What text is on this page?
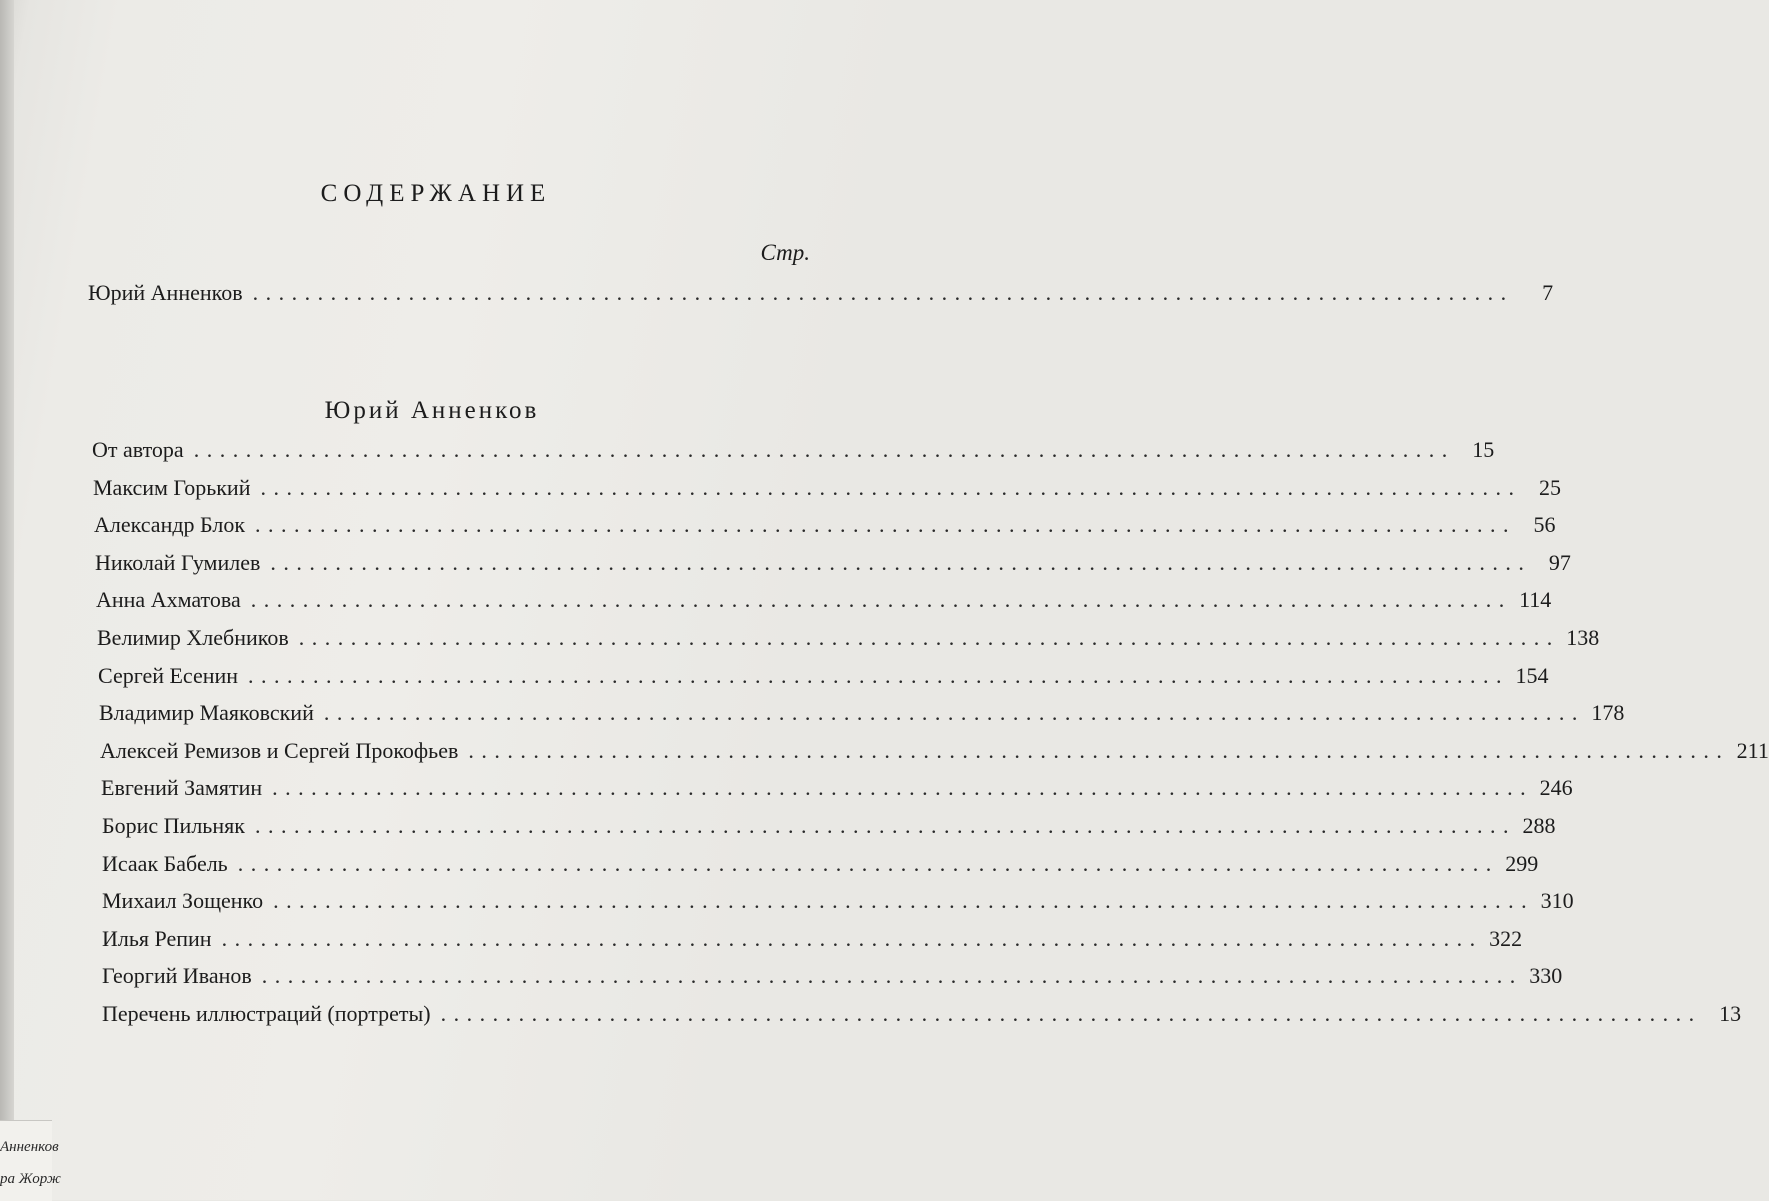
СОДЕРЖАНИЕ
Стр.
Юрий Анненков . . .	7
Юрий Анненков
От автора . . .	15
Максим Горький . . .	25
Александр Блок . . .	56
Николай Гумилев . . .	97
Анна Ахматова . . .	114
Велимир Хлебников . . .	138
Сергей Есенин . . .	154
Владимир Маяковский . . .	178
Алексей Ремизов и Сергей Прокофьев . . .	211
Евгений Замятин . . .	246
Борис Пильняк . . .	288
Исаак Бабель . . .	299
Михаил Зощенко . . .	310
Илья Репин . . .	322
Георгий Иванов . . .	330
Перечень иллюстраций (портреты) . . .	13
Анненков
ра Жорж
